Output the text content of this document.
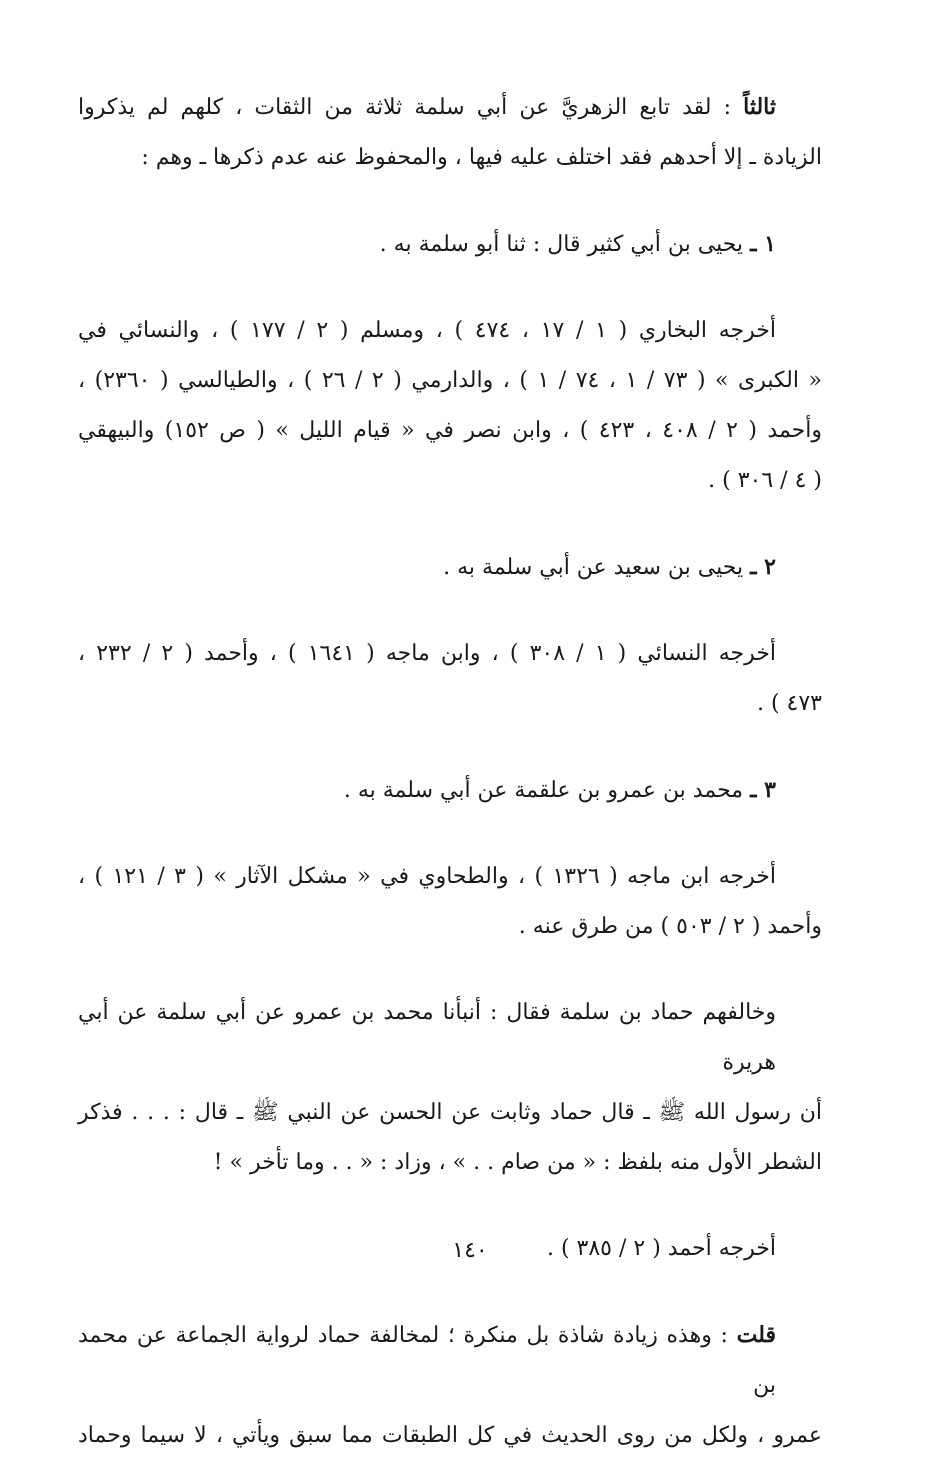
ثالثاً : لقد تابع الزهريَّ عن أبي سلمة ثلاثة من الثقات ، كلهم لم يذكروا

الزيادة ـ إلا أحدهم فقد اختلف عليه فيها ، والمحفوظ عنه عدم ذكرها ـ وهم :

١ ـ يحيى بن أبي كثير قال : ثنا أبو سلمة به .

أخرجه البخاري ( ١ / ١٧ ، ٤٧٤ ) ، ومسلم ( ٢ / ١٧٧ ) ، والنسائي في

« الكبرى » ( ٧٣ / ١ ، ٧٤ / ١ ) ، والدارمي ( ٢ / ٢٦ ) ، والطيالسي ( ٢٣٦٠) ،

وأحمد ( ٢ / ٤٠٨ ، ٤٢٣ ) ، وابن نصر في « قيام الليل » ( ص ١٥٢) والبيهقي

( ٤ / ٣٠٦ ) .

٢ ـ يحيى بن سعيد عن أبي سلمة به .

أخرجه النسائي ( ١ / ٣٠٨ ) ، وابن ماجه ( ١٦٤١ ) ، وأحمد ( ٢ / ٢٣٢ ،

٤٧٣ ) .

٣ ـ محمد بن عمرو بن علقمة عن أبي سلمة به .

أخرجه ابن ماجه ( ١٣٢٦ ) ، والطحاوي في « مشكل الآثار » ( ٣ / ١٢١ ) ،

وأحمد ( ٢ / ٥٠٣ ) من طرق عنه .

وخالفهم حماد بن سلمة فقال : أنبأنا محمد بن عمرو عن أبي سلمة عن أبي هريرة

أن رسول الله ﷺ ـ قال حماد وثابت عن الحسن عن النبي ﷺ ـ قال : . . . فذكر

الشطر الأول منه بلفظ : « من صام . . » ، وزاد : « . . وما تأخر » !

أخرجه أحمد ( ٢ / ٣٨٥ ) .

قلت : وهذه زيادة شاذة بل منكرة ؛ لمخالفة حماد لرواية الجماعة عن محمد بن

عمرو ، ولكل من روى الحديث في كل الطبقات مما سبق ويأتي ، لا سيما وحماد

١٤٠
